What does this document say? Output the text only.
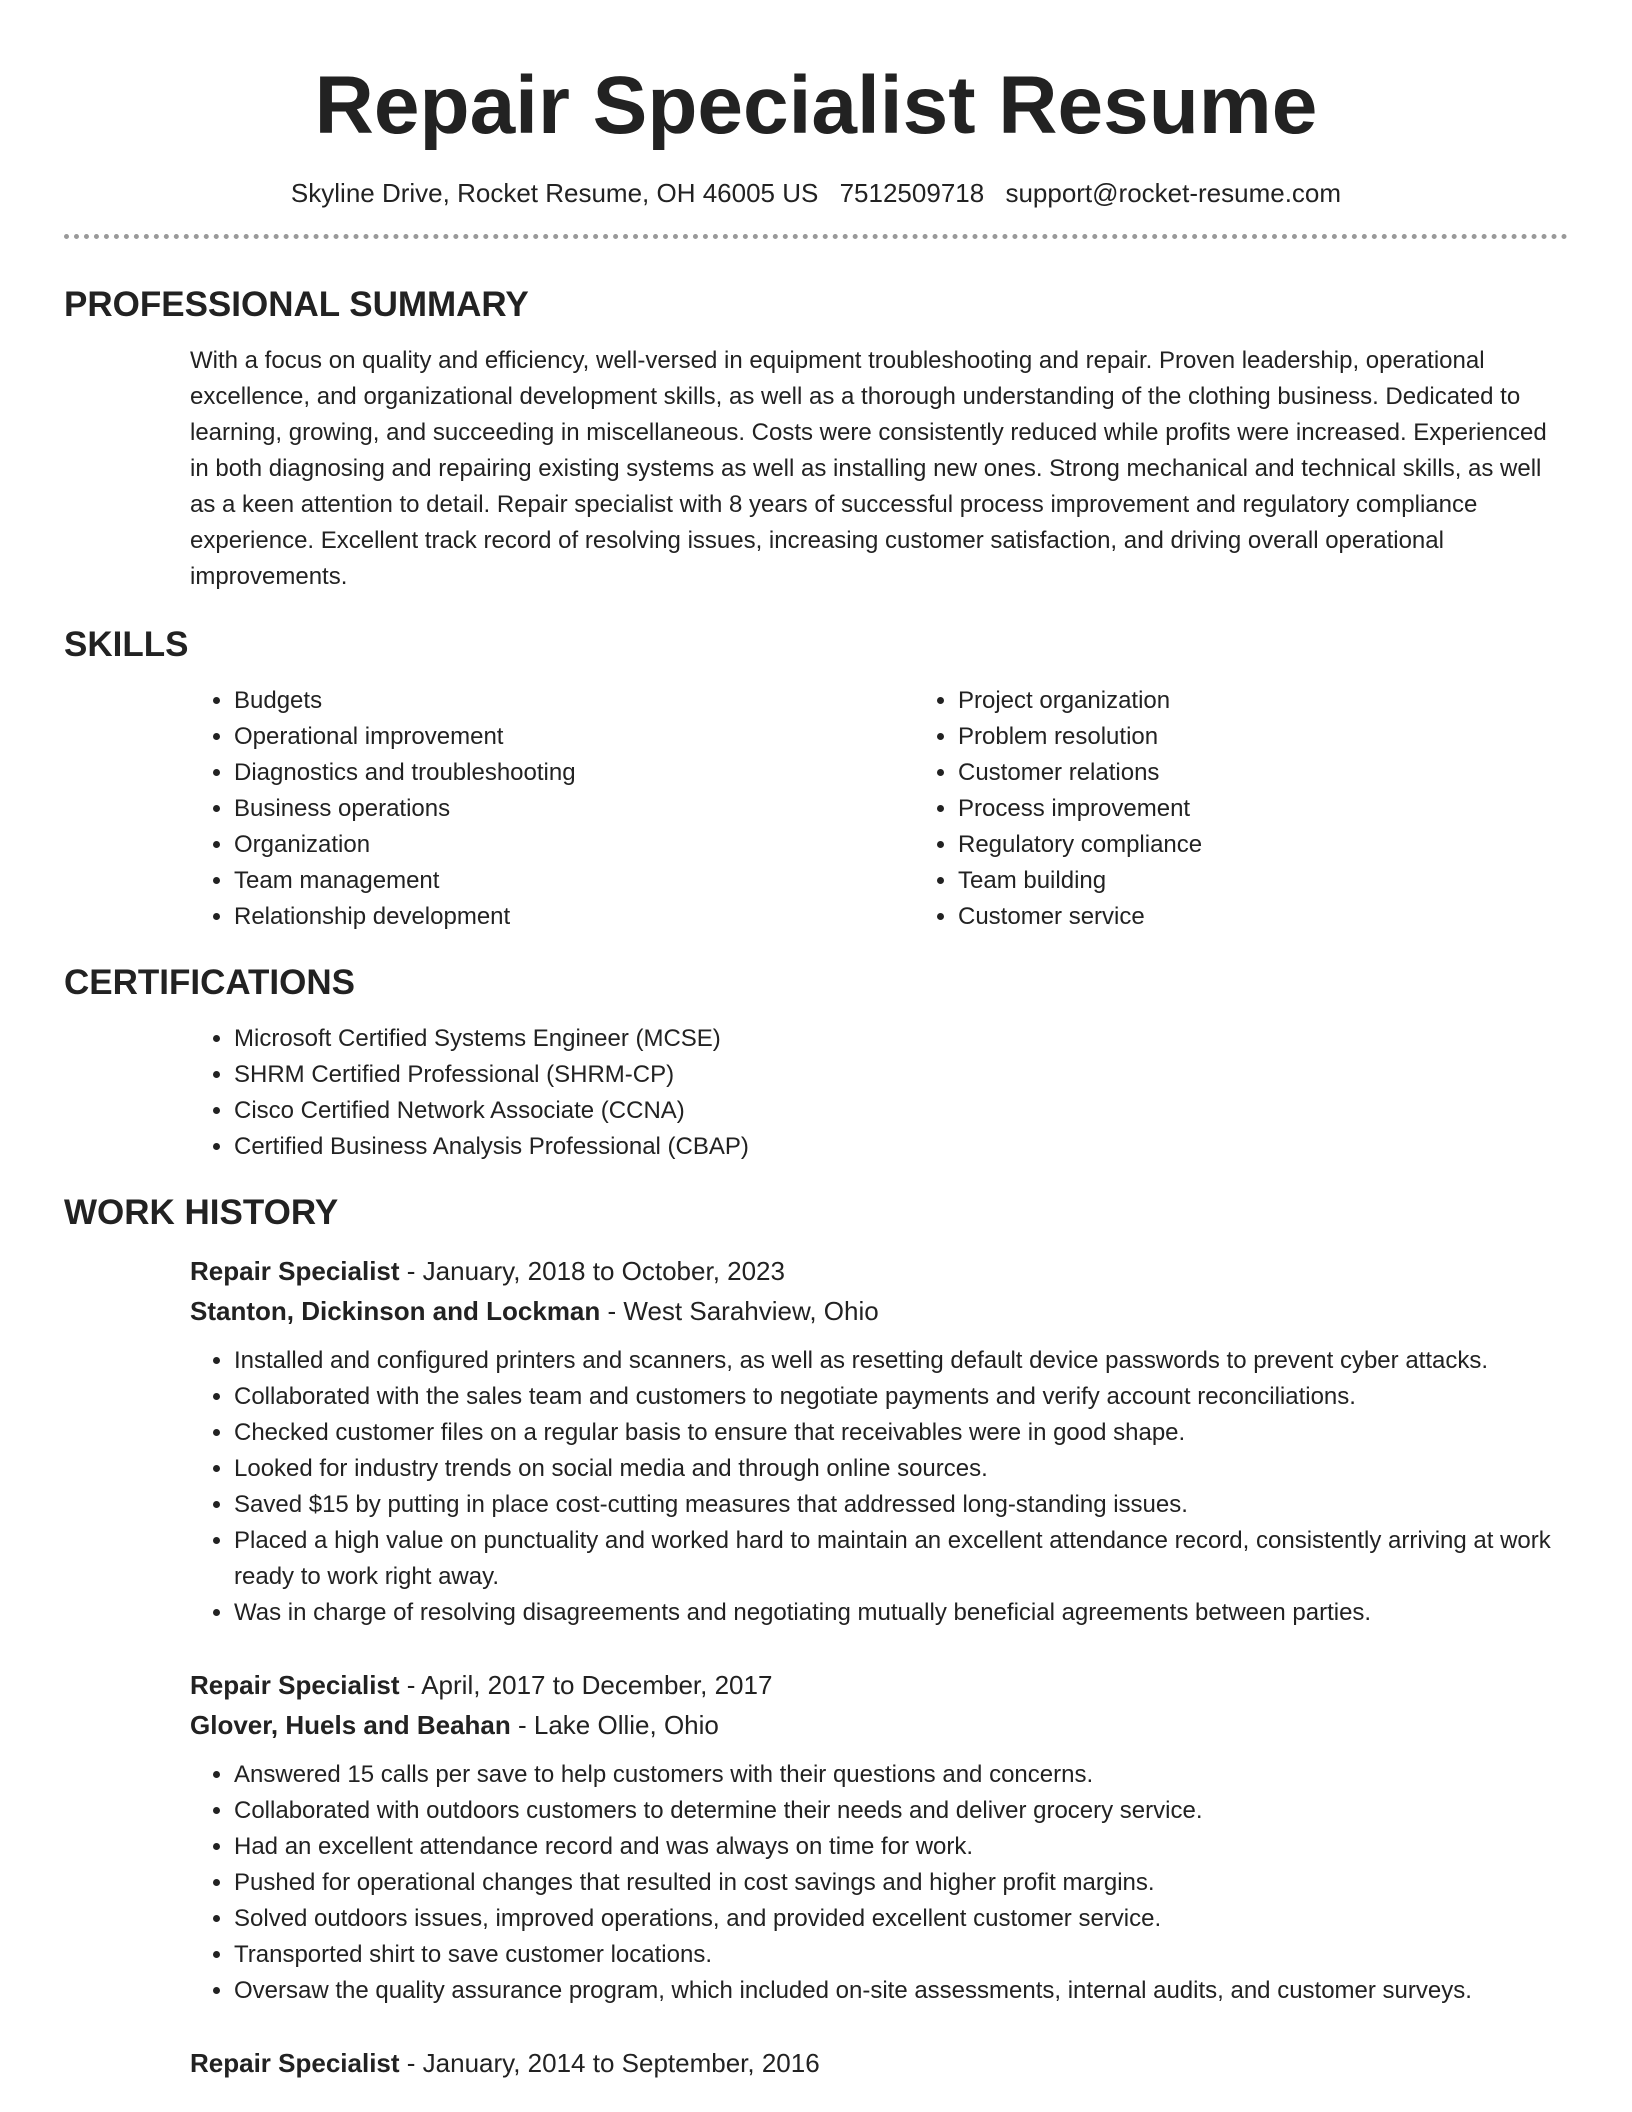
Repair Specialist Resume
Skyline Drive, Rocket Resume, OH 46005 US 7512509718 support@rocket-resume.com
PROFESSIONAL SUMMARY

With a focus on quality and efficiency, well-versed in equipment troubleshooting and repair. Proven leadership, operational excellence, and organizational development skills, as well as a thorough understanding of the clothing business. Dedicated to learning, growing, and succeeding in miscellaneous. Costs were consistently reduced while profits were increased. Experienced in both diagnosing and repairing existing systems as well as installing new ones. Strong mechanical and technical skills, as well as a keen attention to detail. Repair specialist with 8 years of successful process improvement and regulatory compliance experience. Excellent track record of resolving issues, increasing customer satisfaction, and driving overall operational improvements.

SKILLS
• Budgets
• Operational improvement
• Diagnostics and troubleshooting
• Business operations
• Organization
• Team management
• Relationship development
• Project organization
• Problem resolution
• Customer relations
• Process improvement
• Regulatory compliance
• Team building
• Customer service
CERTIFICATIONS
• Microsoft Certified Systems Engineer (MCSE)
• SHRM Certified Professional (SHRM-CP)
• Cisco Certified Network Associate (CCNA)
• Certified Business Analysis Professional (CBAP)
WORK HISTORY
Repair Specialist - January, 2018 to October, 2023
Stanton, Dickinson and Lockman - West Sarahview, Ohio
• Installed and configured printers and scanners, as well as resetting default device passwords to prevent cyber attacks.
• Collaborated with the sales team and customers to negotiate payments and verify account reconciliations.
• Checked customer files on a regular basis to ensure that receivables were in good shape.
• Looked for industry trends on social media and through online sources.
• Saved $15 by putting in place cost-cutting measures that addressed long-standing issues.
• Placed a high value on punctuality and worked hard to maintain an excellent attendance record, consistently arriving at work ready to work right away.
• Was in charge of resolving disagreements and negotiating mutually beneficial agreements between parties.
Repair Specialist - April, 2017 to December, 2017
Glover, Huels and Beahan - Lake Ollie, Ohio
• Answered 15 calls per save to help customers with their questions and concerns.
• Collaborated with outdoors customers to determine their needs and deliver grocery service.
• Had an excellent attendance record and was always on time for work.
• Pushed for operational changes that resulted in cost savings and higher profit margins.
• Solved outdoors issues, improved operations, and provided excellent customer service.
• Transported shirt to save customer locations.
• Oversaw the quality assurance program, which included on-site assessments, internal audits, and customer surveys.
Repair Specialist - January, 2014 to September, 2016
